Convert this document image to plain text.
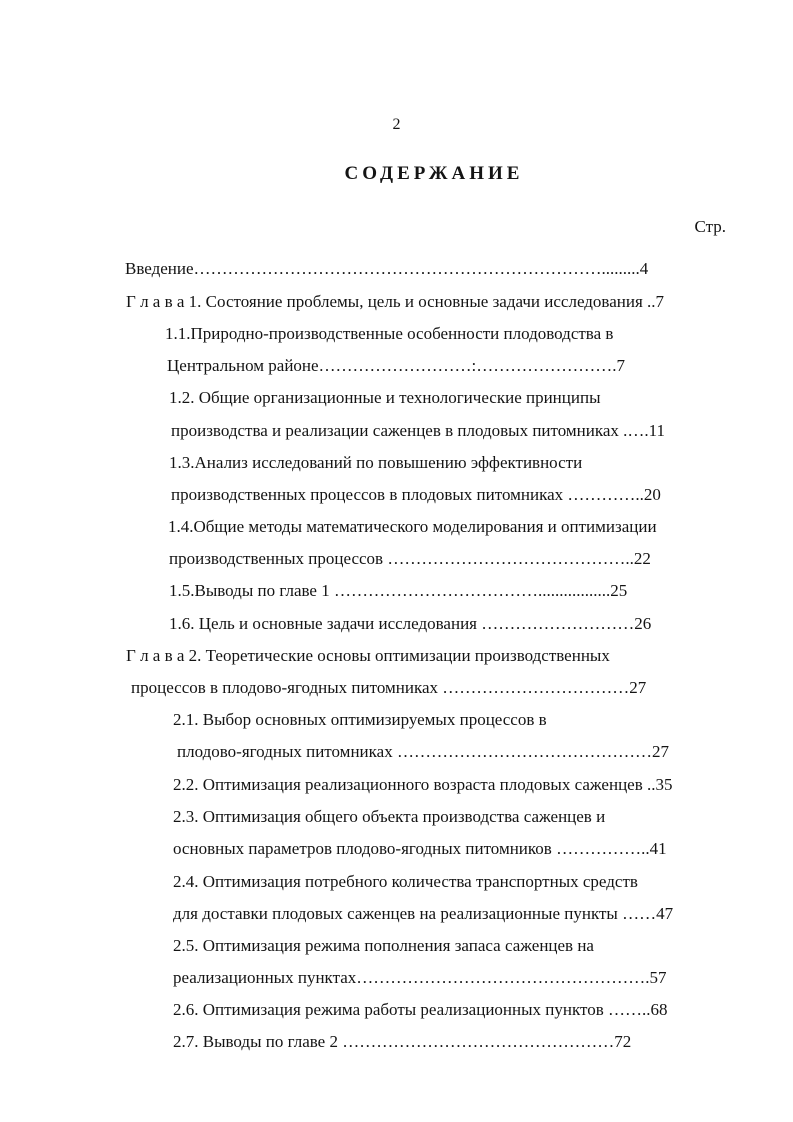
2
СОДЕРЖАНИЕ
Стр.
Введение……………………………………………………………….........4
Г л а в а 1. Состояние проблемы, цель и основные задачи исследования ..7
1.1.Природно-производственные особенности плодоводства в
Центральном районе………………………:…………………….7
1.2. Общие организационные и технологические принципы
производства и реализации саженцев в плодовых питомниках .….11
1.3.Анализ исследований по повышению эффективности
производственных процессов в плодовых питомниках …………..20
1.4.Общие методы математического моделирования и оптимизации
производственных процессов ……………………………………..22
1.5.Выводы по главе 1 ……………………………….................25
1.6. Цель и основные задачи исследования ………………………26
Г л а в а 2. Теоретические основы оптимизации производственных
процессов в плодово-ягодных питомниках ……………………………27
2.1. Выбор основных оптимизируемых процессов в
плодово-ягодных питомниках ………………………………………27
2.2. Оптимизация реализационного возраста плодовых саженцев ..35
2.3. Оптимизация общего объекта производства саженцев и
основных параметров плодово-ягодных питомников ……………..41
2.4. Оптимизация потребного количества транспортных средств
для доставки плодовых саженцев на реализационные пункты ……47
2.5. Оптимизация режима пополнения запаса саженцев на
реализационных пунктах…………………………………………….57
2.6. Оптимизация режима работы реализационных пунктов ……..68
2.7. Выводы по главе 2 …………………………………………72
